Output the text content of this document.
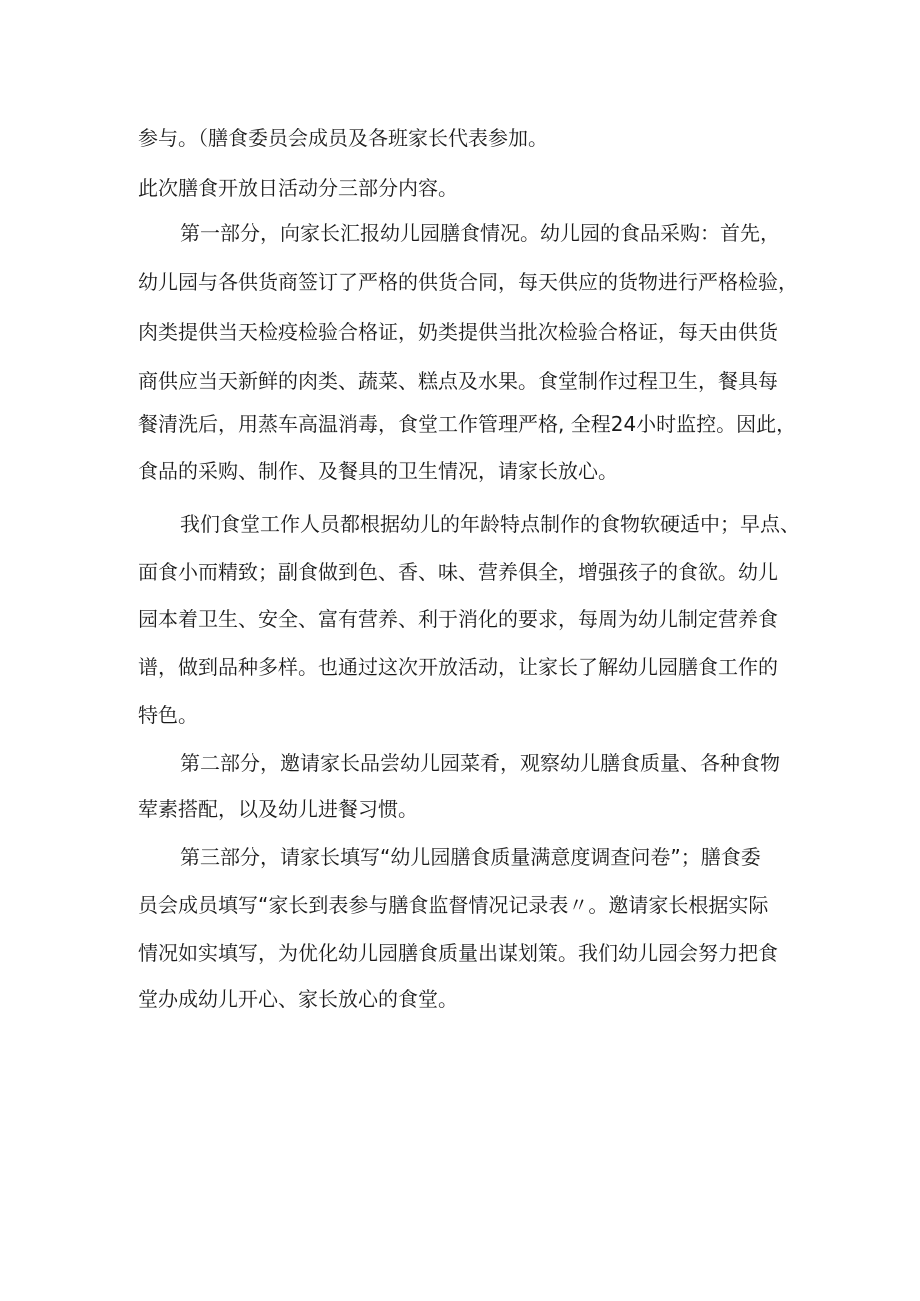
参与。（膳食委员会成员及各班家长代表参加。

此次膳食开放日活动分三部分内容。

第一部分，向家长汇报幼儿园膳食情况。幼儿园的食品采购：首先，

幼儿园与各供货商签订了严格的供货合同，每天供应的货物进行严格检验，

肉类提供当天检疫检验合格证，奶类提供当批次检验合格证，每天由供货

商供应当天新鲜的肉类、蔬菜、糕点及水果。食堂制作过程卫生，餐具每

餐清洗后，用蒸车高温消毒，食堂工作管理严格, 全程24小时监控。因此，

食品的采购、制作、及餐具的卫生情况，请家长放心。

我们食堂工作人员都根据幼儿的年龄特点制作的食物软硬适中；早点、

面食小而精致；副食做到色、香、味、营养俱全，增强孩子的食欲。幼儿

园本着卫生、安全、富有营养、利于消化的要求，每周为幼儿制定营养食

谱，做到品种多样。也通过这次开放活动，让家长了解幼儿园膳食工作的

特色。

第二部分，邀请家长品尝幼儿园菜肴，观察幼儿膳食质量、各种食物

荤素搭配，以及幼儿进餐习惯。

第三部分，请家长填写“幼儿园膳食质量满意度调查问卷”；膳食委

员会成员填写“家长到表参与膳食监督情况记录表〃。邀请家长根据实际

情况如实填写，为优化幼儿园膳食质量出谋划策。我们幼儿园会努力把食

堂办成幼儿开心、家长放心的食堂。
